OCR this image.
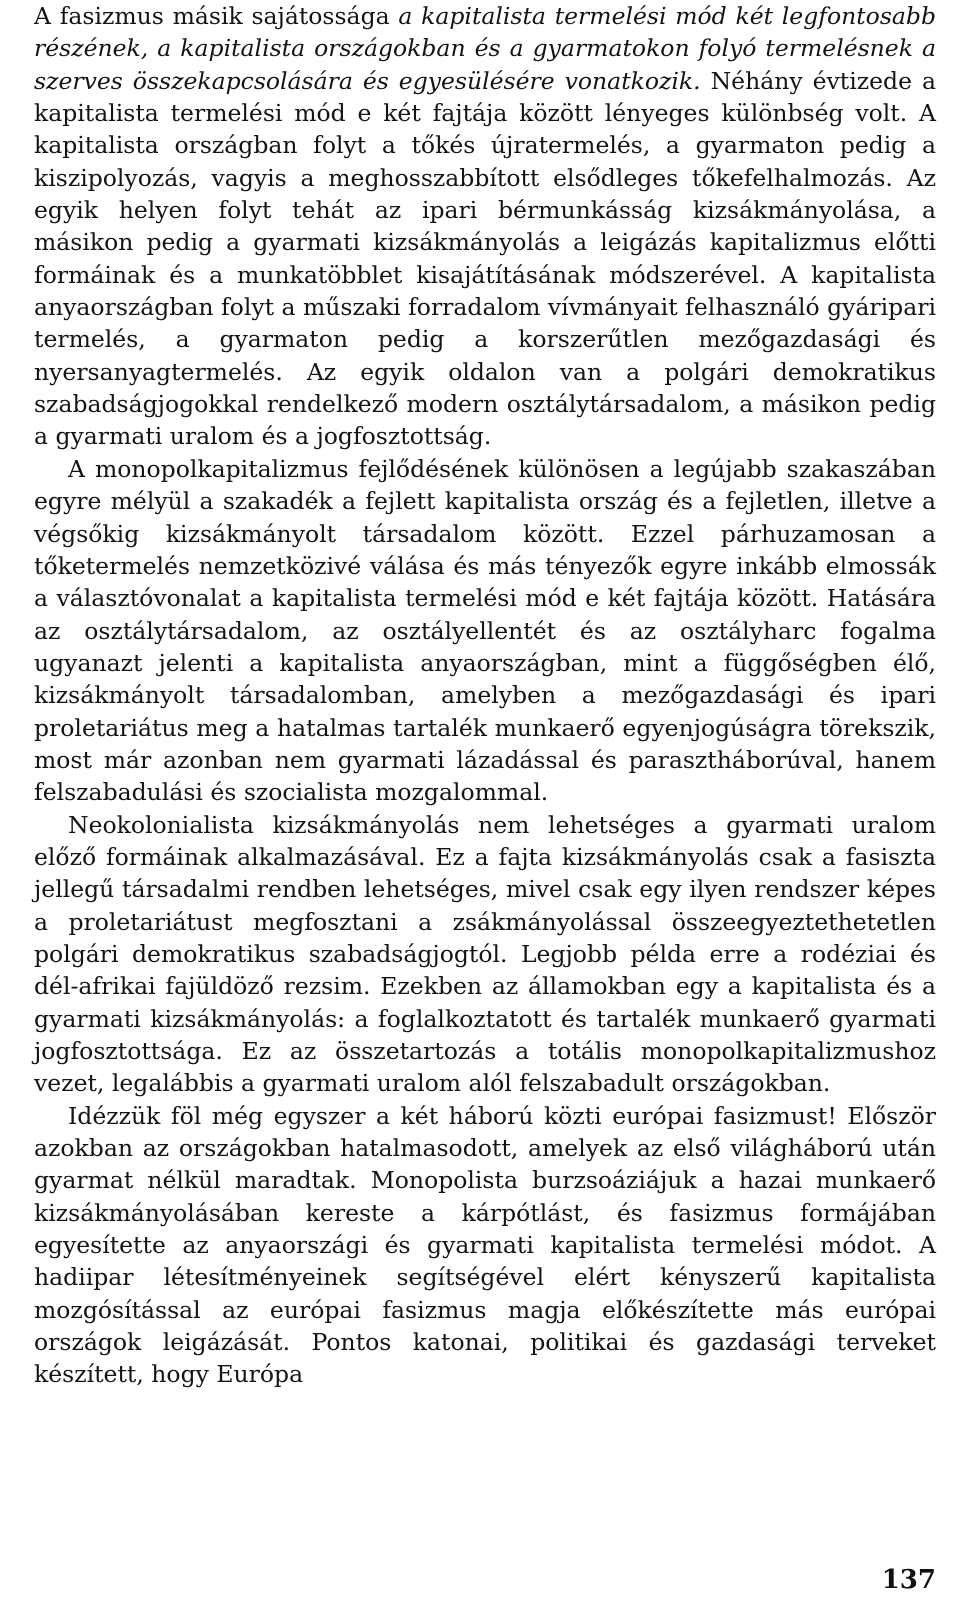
A fasizmus másik sajátossága a kapitalista termelési mód két legfontosabb részének, a kapitalista országokban és a gyarmatokon folyó termelésnek a szerves összekapcsolására és egyesülésére vonatkozik. Néhány évtizede a kapitalista termelési mód e két fajtája között lényeges különbség volt. A kapitalista országban folyt a tőkés újratermelés, a gyarmaton pedig a kiszipolyozás, vagyis a meghosszabbított elsődleges tőkefelhalmozás. Az egyik helyen folyt tehát az ipari bérmunkásság kizsákmányolása, a másikon pedig a gyarmati kizsákmányolás a leigázás kapitalizmus előtti formáinak és a munkatöbblet kisajátításának módszerével. A kapitalista anyaországban folyt a műszaki forradalom vívmányait felhasználó gyáripari termelés, a gyarmaton pedig a korszerűtlen mezőgazdasági és nyersanyagtermelés. Az egyik oldalon van a polgári demokratikus szabadságjogokkal rendelkező modern osztálytársadalom, a másikon pedig a gyarmati uralom és a jogfosztottság.

A monopolkapitalizmus fejlődésének különösen a legújabb szakaszában egyre mélyül a szakadék a fejlett kapitalista ország és a fejletlen, illetve a végsőkig kizsákmányolt társadalom között. Ezzel párhuzamosan a tőketermelés nemzetközivé válása és más tényezők egyre inkább elmossák a választóvonalat a kapitalista termelési mód e két fajtája között. Hatására az osztálytársadalom, az osztályellentét és az osztályharc fogalma ugyanazt jelenti a kapitalista anyaországban, mint a függőségben élő, kizsákmányolt társadalomban, amelyben a mezőgazdasági és ipari proletariátus meg a hatalmas tartalék munkaerő egyenjogúságra törekszik, most már azonban nem gyarmati lázadással és parasztháborúval, hanem felszabadulási és szocialista mozgalommal.

Neokolonialista kizsákmányolás nem lehetséges a gyarmati uralom előző formáinak alkalmazásával. Ez a fajta kizsákmányolás csak a fasiszta jellegű társadalmi rendben lehetséges, mivel csak egy ilyen rendszer képes a proletariátust megfosztani a zsákmányolással összeegyeztethetetlen polgári demokratikus szabadságjogtól. Legjobb példa erre a rodéziai és dél-afrikai fajüldöző rezsim. Ezekben az államokban egy a kapitalista és a gyarmati kizsákmányolás: a foglalkoztatott és tartalék munkaerő gyarmati jogfosztottsága. Ez az összetartozás a totális monopolkapitalizmushoz vezet, legalábbis a gyarmati uralom alól felszabadult országokban.

Idézzük föl még egyszer a két háború közti európai fasizmust! Először azokban az országokban hatalmasodott, amelyek az első világháború után gyarmat nélkül maradtak. Monopolista burzsoáziájuk a hazai munkaerő kizsákmányolásában kereste a kárpótlást, és fasizmus formájában egyesítette az anyaországi és gyarmati kapitalista termelési módot. A hadiipar létesítményeinek segítségével elért kényszerű kapitalista mozgósítással az európai fasizmus magja előkészítette más európai országok leigázását. Pontos katonai, politikai és gazdasági terveket készített, hogy Európa

137
